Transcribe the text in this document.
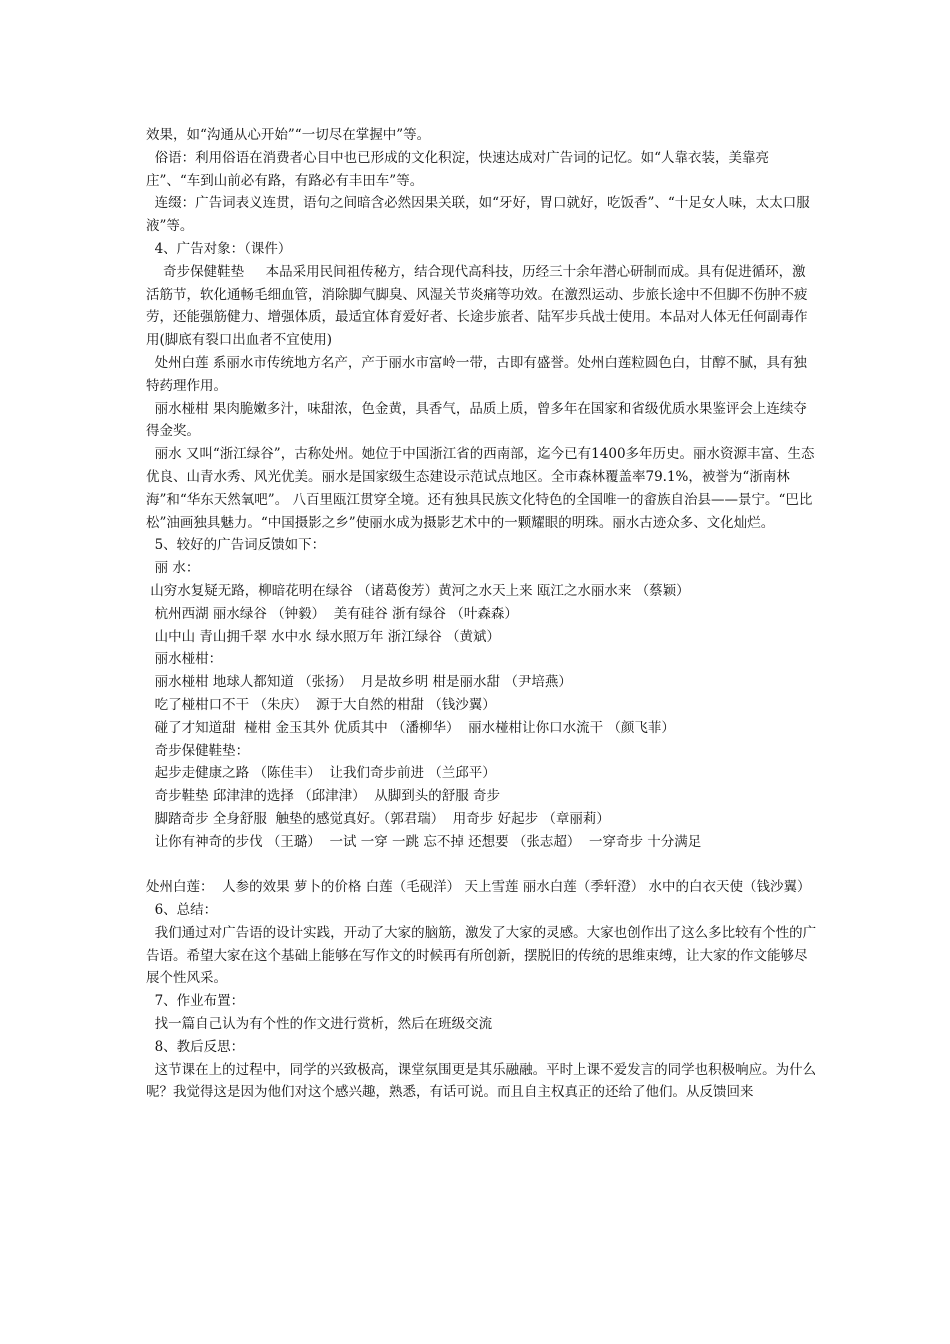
效果，如“沟通从心开始”“一切尽在掌握中”等。

俗语：利用俗语在消费者心目中也已形成的文化积淀，快速达成对广告词的记忆。如“人靠衣装，美靠亮庄”、“车到山前必有路，有路必有丰田车”等。

连缀：广告词表义连贯，语句之间暗含必然因果关联，如“牙好，胃口就好，吃饭香”、“十足女人味，太太口服液”等。

4、广告对象：（课件）

奇步保健鞋垫     本品采用民间祖传秘方，结合现代高科技，历经三十余年潜心研制而成。具有促进循环，激活筋节，软化通畅毛细血管，消除脚气脚臭、风湿关节炎痛等功效。在激烈运动、步旅长途中不但脚不伤肿不疲劳，还能强筋健力、增强体质，最适宜体育爱好者、长途步旅者、陆军步兵战士使用。本品对人体无任何副毒作用(脚底有裂口出血者不宜使用)

处州白莲 系丽水市传统地方名产，产于丽水市富岭一带，古即有盛誉。处州白莲粒圆色白，甘醇不腻，具有独特药理作用。

丽水椪柑 果肉脆嫩多汁，味甜浓，色金黄，具香气，品质上质，曾多年在国家和省级优质水果鉴评会上连续夺得金奖。

丽水 又叫“浙江绿谷”，古称处州。她位于中国浙江省的西南部，迄今已有1400多年历史。丽水资源丰富、生态优良、山青水秀、风光优美。丽水是国家级生态建设示范试点地区。全市森林覆盖率79.1%，被誉为“浙南林海”和“华东天然氧吧”。 八百里瓯江贯穿全境。还有独具民族文化特色的全国唯一的畲族自治县——景宁。“巴比松”油画独具魅力。“中国摄影之乡”使丽水成为摄影艺术中的一颗耀眼的明珠。丽水古迹众多、文化灿烂。

5、较好的广告词反馈如下：

丽 水：

山穷水复疑无路，柳暗花明在绿谷 （诸葛俊芳）黄河之水天上来 瓯江之水丽水来 （蔡颖）

杭州西湖 丽水绿谷 （钟毅）  美有硅谷 浙有绿谷 （叶森森）

山中山 青山拥千翠 水中水 绿水照万年 浙江绿谷 （黄斌）

丽水椪柑：

丽水椪柑 地球人都知道 （张扬）  月是故乡明 柑是丽水甜 （尹培燕）

吃了椪柑口不干 （朱庆）  源于大自然的柑甜 （钱沙翼）

碰了才知道甜  椪柑 金玉其外 优质其中 （潘柳华）  丽水椪柑让你口水流干 （颜飞菲）

奇步保健鞋垫：

起步走健康之路 （陈佳丰）  让我们奇步前进 （兰邱平）

奇步鞋垫 邱津津的选择 （邱津津）  从脚到头的舒服 奇步

脚踏奇步 全身舒服  触垫的感觉真好。（郭君瑞）  用奇步 好起步 （章丽莉）

让你有神奇的步伐 （王璐）  一试 一穿 一跳 忘不掉 还想要 （张志超）  一穿奇步 十分满足

处州白莲：  人参的效果 萝卜的价格 白莲（毛砚洋） 天上雪莲 丽水白莲（季轩澄） 水中的白衣天使（钱沙翼）

6、总结：

我们通过对广告语的设计实践，开动了大家的脑筋，激发了大家的灵感。大家也创作出了这么多比较有个性的广告语。希望大家在这个基础上能够在写作文的时候再有所创新，摆脱旧的传统的思维束缚，让大家的作文能够尽展个性风采。

7、作业布置：

找一篇自己认为有个性的作文进行赏析，然后在班级交流

8、教后反思：

这节课在上的过程中，同学的兴致极高，课堂氛围更是其乐融融。平时上课不爱发言的同学也积极响应。为什么呢？我觉得这是因为他们对这个感兴趣，熟悉，有话可说。而且自主权真正的还给了他们。从反馈回来
